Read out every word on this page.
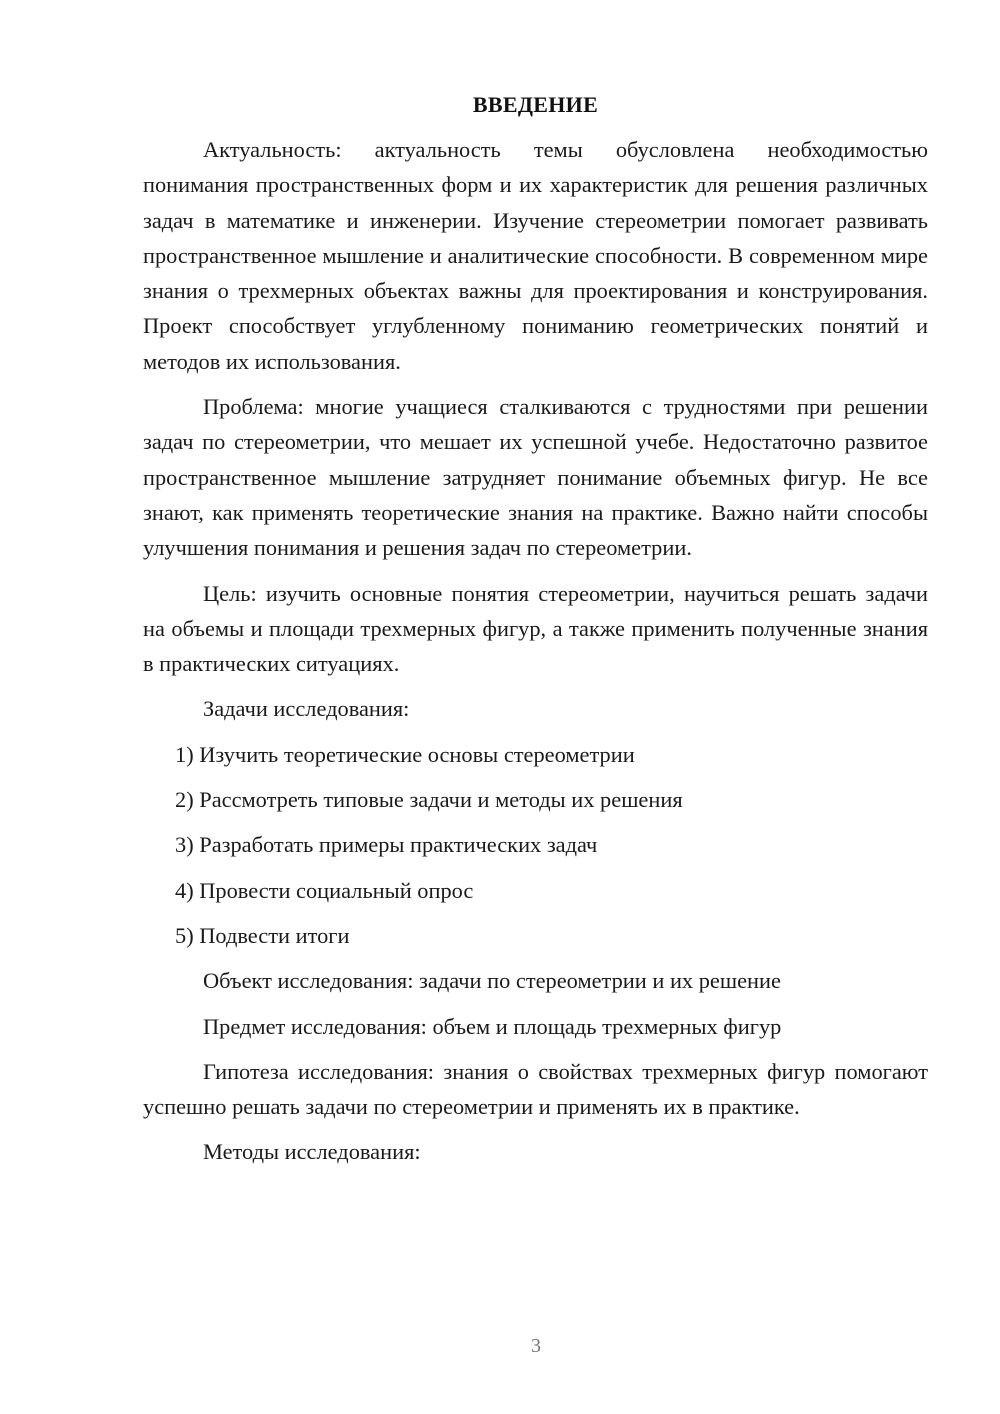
ВВЕДЕНИЕ

Актуальность: актуальность темы обусловлена необходимостью понимания пространственных форм и их характеристик для решения различных задач в математике и инженерии. Изучение стереометрии помогает развивать пространственное мышление и аналитические способности. В современном мире знания о трехмерных объектах важны для проектирования и конструирования. Проект способствует углубленному пониманию геометрических понятий и методов их использования.

Проблема: многие учащиеся сталкиваются с трудностями при решении задач по стереометрии, что мешает их успешной учебе. Недостаточно развитое пространственное мышление затрудняет понимание объемных фигур. Не все знают, как применять теоретические знания на практике. Важно найти способы улучшения понимания и решения задач по стереометрии.

Цель: изучить основные понятия стереометрии, научиться решать задачи на объемы и площади трехмерных фигур, а также применить полученные знания в практических ситуациях.

Задачи исследования:
1) Изучить теоретические основы стереометрии
2) Рассмотреть типовые задачи и методы их решения
3) Разработать примеры практических задач
4) Провести социальный опрос
5) Подвести итоги
Объект исследования: задачи по стереометрии и их решение
Предмет исследования: объем и площадь трехмерных фигур

Гипотеза исследования: знания о свойствах трехмерных фигур помогают успешно решать задачи по стереометрии и применять их в практике.

Методы исследования:
3
